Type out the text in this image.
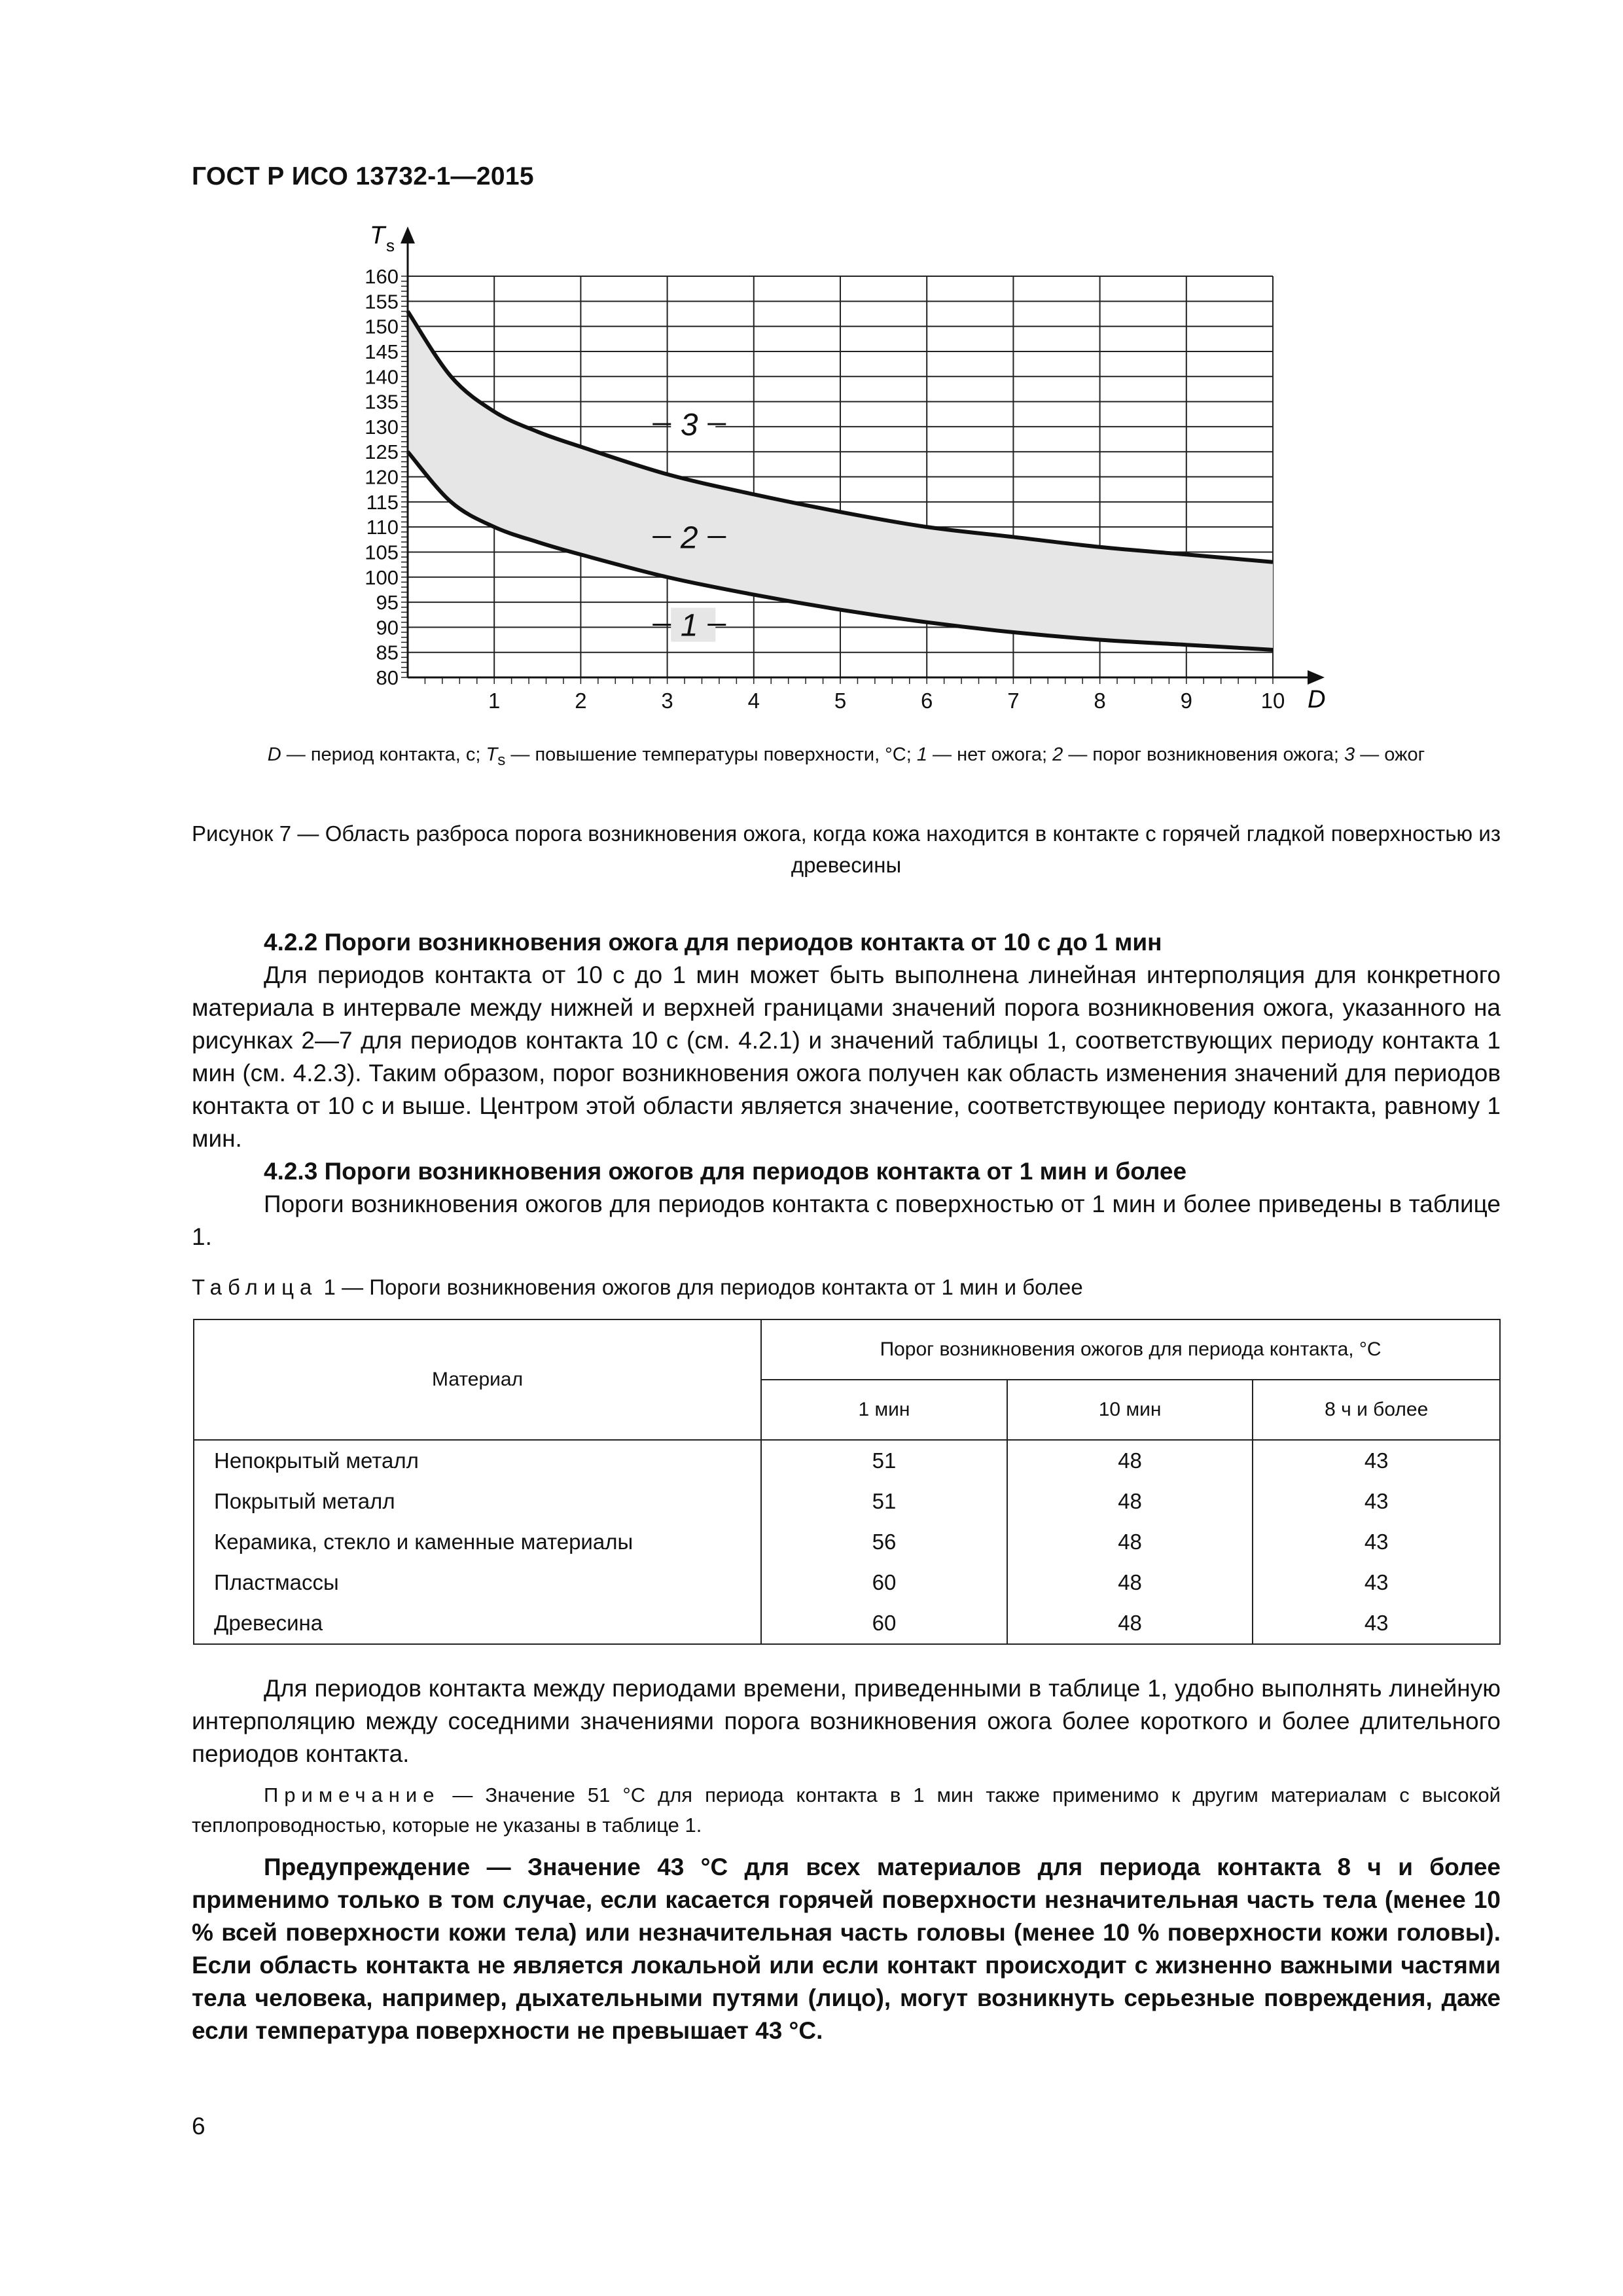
ГОСТ Р ИСО 13732-1—2015
80
85
90
95
100
105
110
115
120
125
130
135
140
145
150
155
160
1	2	3	4	5	6	7	8	9	10
3
2
1
T s
D
D — период контакта, с; $T_s$ — повышение температуры поверхности, °C; 1 — нет ожога; 2 — порог возникновения ожога; 3 — ожог
Рисунок 7 — Область разброса порога возникновения ожога, когда кожа находится в контакте с горячей гладкой поверхностью из древесины
4.2.2 Пороги возникновения ожога для периодов контакта от 10 с до 1 мин
Для периодов контакта от 10 с до 1 мин может быть выполнена линейная интерполяция для конкретного материала в интервале между нижней и верхней границами значений порога возникновения ожога, указанного на рисунках 2—7 для периодов контакта 10 с (см. 4.2.1) и значений таблицы 1, соответствующих периоду контакта 1 мин (см. 4.2.3). Таким образом, порог возникновения ожога получен как область изменения значений для периодов контакта от 10 с и выше. Центром этой области является значение, соответствующее периоду контакта, равному 1 мин.
4.2.3 Пороги возникновения ожогов для периодов контакта от 1 мин и более
Пороги возникновения ожогов для периодов контакта с поверхностью от 1 мин и более приведены в таблице 1.
Таблица 1 — Пороги возникновения ожогов для периодов контакта от 1 мин и более
Материал	Порог возникновения ожогов для периода контакта, °C		
	1 мин	10 мин	8 ч и более
Непокрытый металл	51	48	43
Покрытый металл	51	48	43
Керамика, стекло и каменные материалы	56	48	43
Пластмассы	60	48	43
Древесина	60	48	43
Для периодов контакта между периодами времени, приведенными в таблице 1, удобно выполнять линейную интерполяцию между соседними значениями порога возникновения ожога более короткого и более длительного периодов контакта.
Примечание — Значение 51 °C для периода контакта в 1 мин также применимо к другим материалам с высокой теплопроводностью, которые не указаны в таблице 1.
Предупреждение — Значение 43 °C для всех материалов для периода контакта 8 ч и более применимо только в том случае, если касается горячей поверхности незначительная часть тела (менее 10 % всей поверхности кожи тела) или незначительная часть головы (менее 10 % поверхности кожи головы). Если область контакта не является локальной или если контакт происходит с жизненно важными частями тела человека, например, дыхательными путями (лицо), могут возникнуть серьезные повреждения, даже если температура поверхности не превышает 43 °C.
6
